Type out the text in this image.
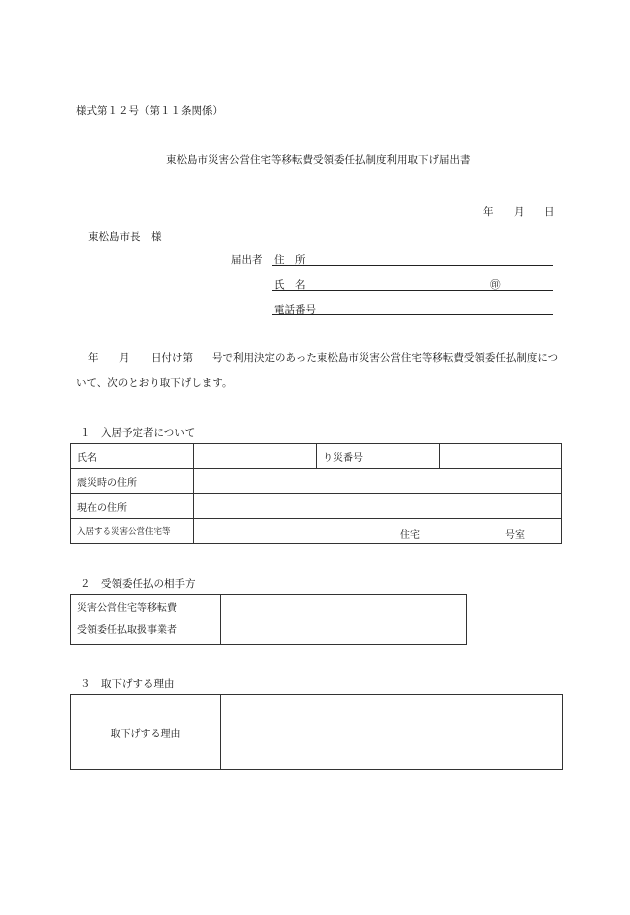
様式第１２号（第１１条関係）
東松島市災害公営住宅等移転費受領委任払制度利用取下げ届出書
年 月 日
東松島市長　様
届出者 住　所
氏　名	㊞
電話番号
年 月 日付け第 号で利用決定のあった東松島市災害公営住宅等移転費受領委任払制度につ
いて、次のとおり取下げします。
１　入居予定者について
氏名		り災番号	
震災時の住所			
現在の住所			
入居する災害公営住宅等	住宅 号室		
２　受領委任払の相手方
災害公営住宅等移転費
受領委任払取扱事業者

３　取下げする理由
取下げする理由	
